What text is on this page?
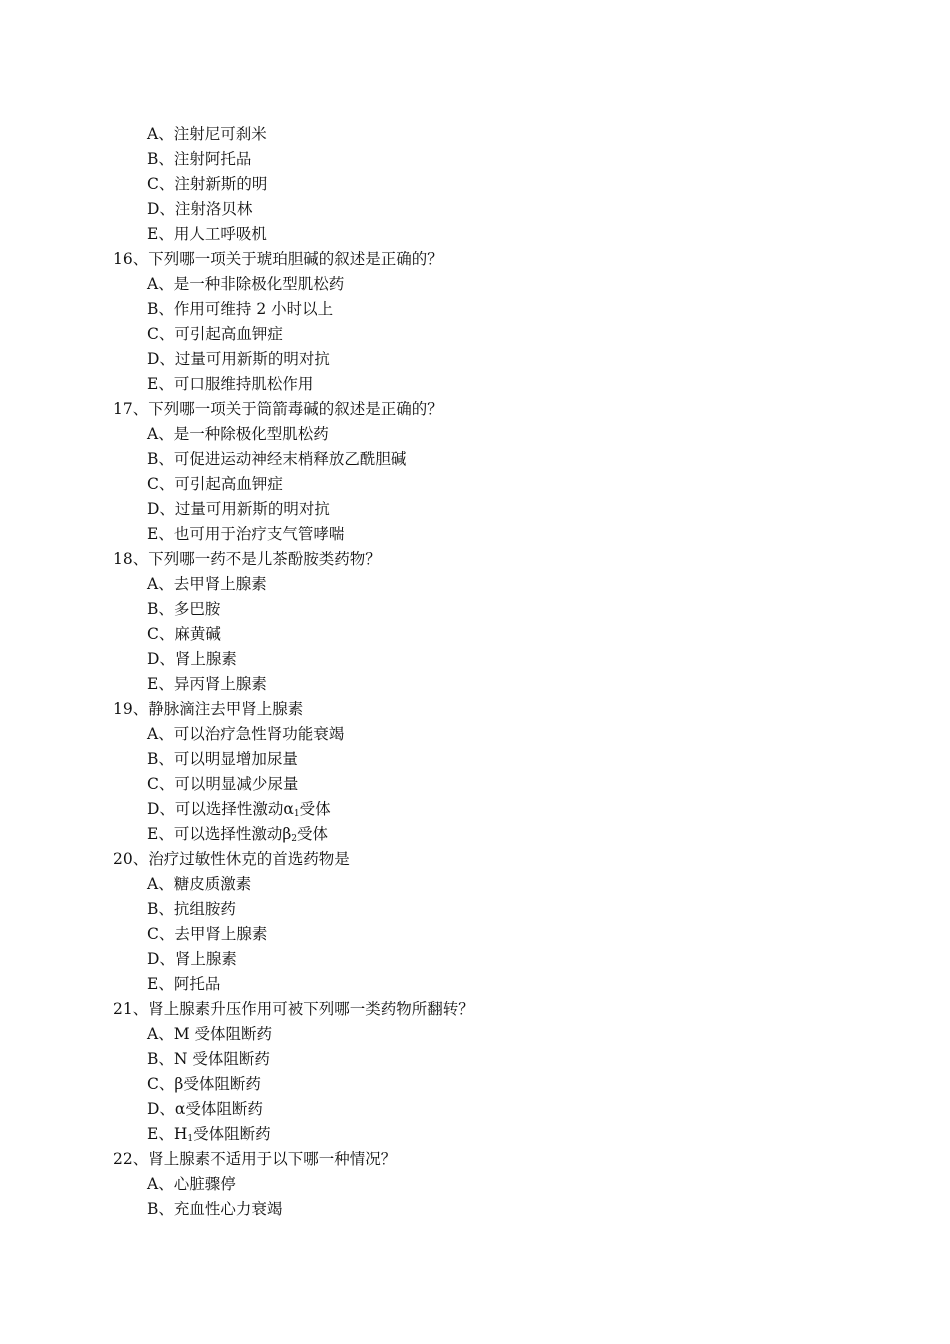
A、注射尼可刹米
B、注射阿托品
C、注射新斯的明
D、注射洛贝林
E、用人工呼吸机
16、下列哪一项关于琥珀胆碱的叙述是正确的？
A、是一种非除极化型肌松药
B、作用可维持 2 小时以上
C、可引起高血钾症
D、过量可用新斯的明对抗
E、可口服维持肌松作用
17、下列哪一项关于筒箭毒碱的叙述是正确的？
A、是一种除极化型肌松药
B、可促进运动神经末梢释放乙酰胆碱
C、可引起高血钾症
D、过量可用新斯的明对抗
E、也可用于治疗支气管哮喘
18、下列哪一药不是儿茶酚胺类药物？
A、去甲肾上腺素
B、多巴胺
C、麻黄碱
D、肾上腺素
E、异丙肾上腺素
19、静脉滴注去甲肾上腺素
A、可以治疗急性肾功能衰竭
B、可以明显增加尿量
C、可以明显减少尿量
D、可以选择性激动$\alpha_1$受体
E、可以选择性激动$\beta_2$受体
20、治疗过敏性休克的首选药物是
A、糖皮质激素
B、抗组胺药
C、去甲肾上腺素
D、肾上腺素
E、阿托品
21、肾上腺素升压作用可被下列哪一类药物所翻转？
A、M 受体阻断药
B、N 受体阻断药
C、β受体阻断药
D、α受体阻断药
E、$H_1$受体阻断药
22、肾上腺素不适用于以下哪一种情况？
A、心脏骤停
B、充血性心力衰竭
